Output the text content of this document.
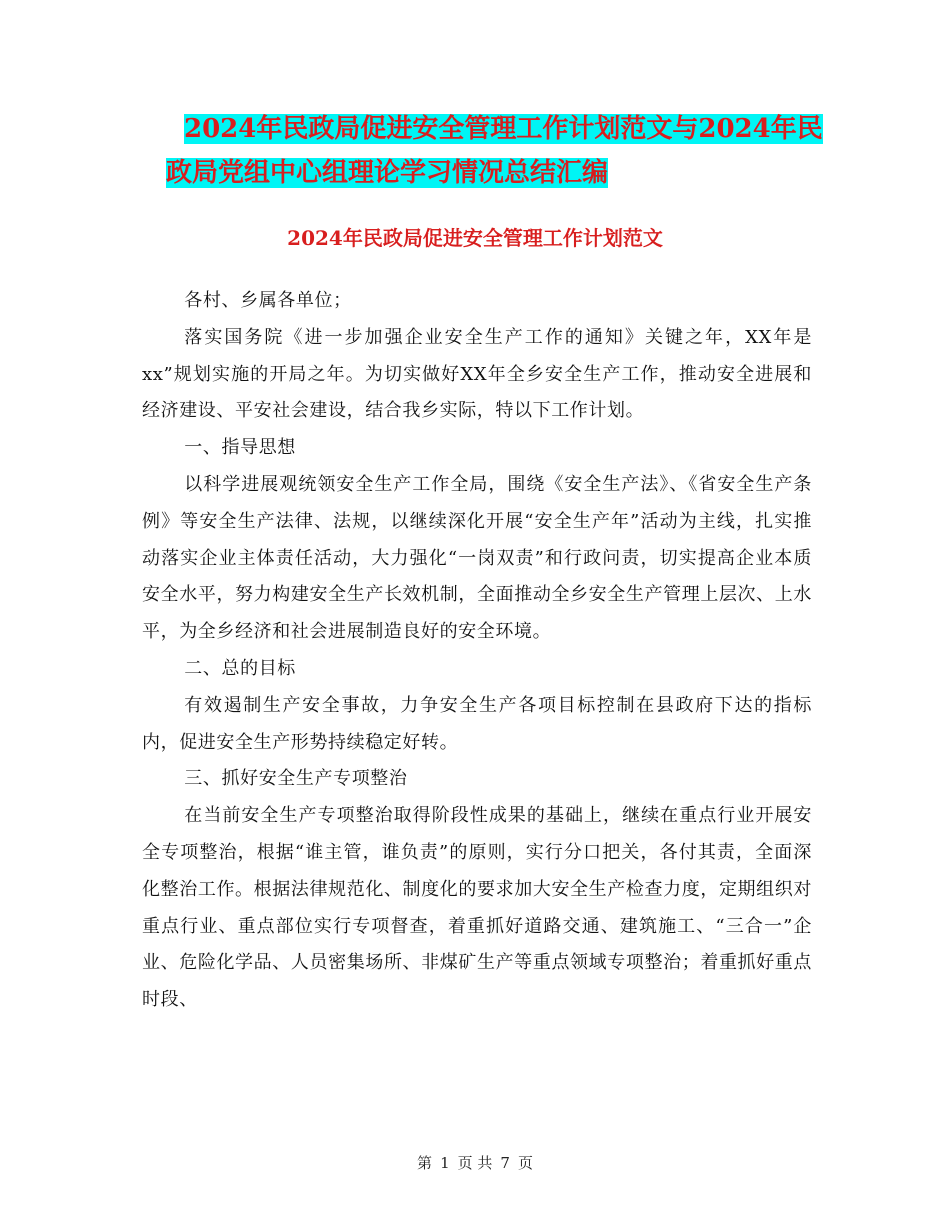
2024年民政局促进安全管理工作计划范文与2024年民
政局党组中心组理论学习情况总结汇编
2024年民政局促进安全管理工作计划范文

各村、乡属各单位；

落实国务院《进一步加强企业安全生产工作的通知》关键之年，XX年是xx”规划实施的开局之年。为切实做好XX年全乡安全生产工作，推动安全进展和经济建设、平安社会建设，结合我乡实际，特以下工作计划。

一、指导思想

以科学进展观统领安全生产工作全局，围绕《安全生产法》、《省安全生产条例》等安全生产法律、法规，以继续深化开展“安全生产年”活动为主线，扎实推动落实企业主体责任活动，大力强化“一岗双责”和行政问责，切实提高企业本质安全水平，努力构建安全生产长效机制，全面推动全乡安全生产管理上层次、上水平，为全乡经济和社会进展制造良好的安全环境。

二、总的目标

有效遏制生产安全事故，力争安全生产各项目标控制在县政府下达的指标内，促进安全生产形势持续稳定好转。

三、抓好安全生产专项整治

在当前安全生产专项整治取得阶段性成果的基础上，继续在重点行业开展安全专项整治，根据“谁主管，谁负责”的原则，实行分口把关，各付其责，全面深化整治工作。根据法律规范化、制度化的要求加大安全生产检查力度，定期组织对重点行业、重点部位实行专项督查，着重抓好道路交通、建筑施工、“三合一”企业、危险化学品、人员密集场所、非煤矿生产等重点领域专项整治；着重抓好重点时段、

第 1 页 共 7 页
